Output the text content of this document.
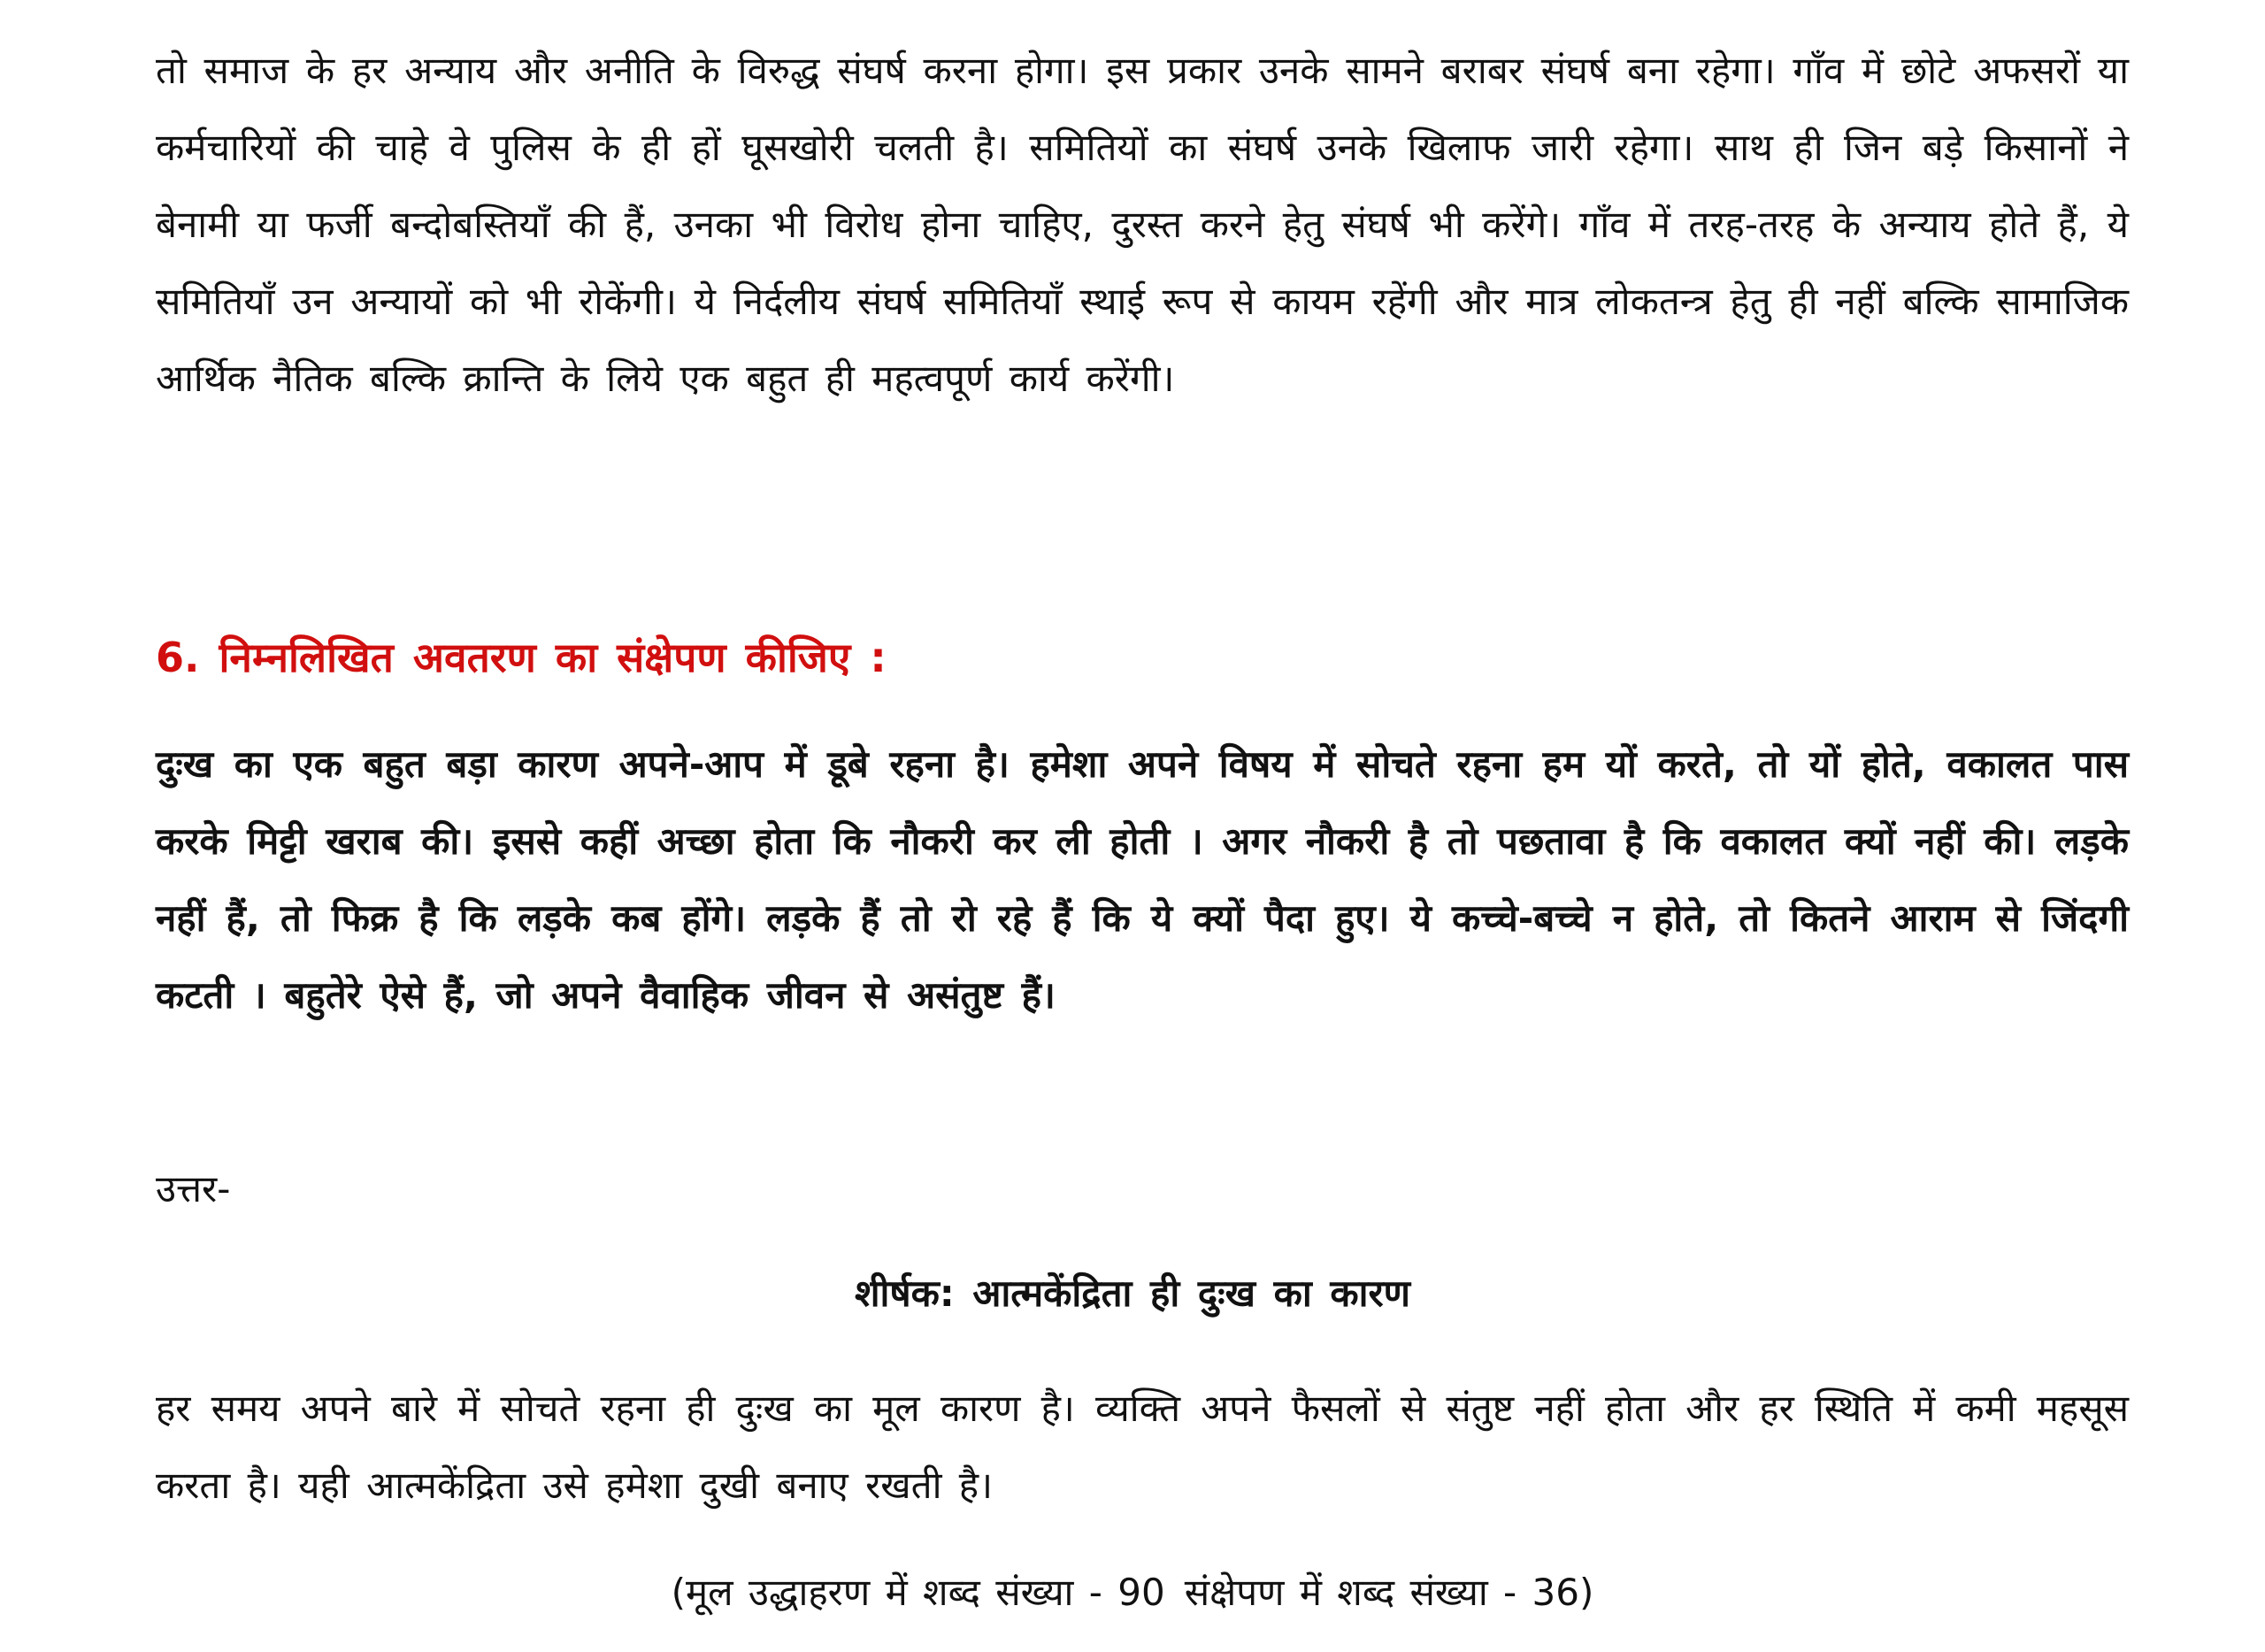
तो समाज के हर अन्याय और अनीति के विरुद्ध संघर्ष करना होगा। इस प्रकार उनके सामने बराबर संघर्ष बना रहेगा। गाँव में छोटे अफसरों या कर्मचारियों की चाहे वे पुलिस के ही हों घूसखोरी चलती है। समितियों का संघर्ष उनके खिलाफ जारी रहेगा। साथ ही जिन बड़े किसानों ने बेनामी या फर्जी बन्दोबस्तियाँ की हैं, उनका भी विरोध होना चाहिए, दुरस्त करने हेतु संघर्ष भी करेंगे। गाँव में तरह-तरह के अन्याय होते हैं, ये समितियाँ उन अन्यायों को भी रोकेंगी। ये निर्दलीय संघर्ष समितियाँ स्थाई रूप से कायम रहेंगी और मात्र लोकतन्त्र हेतु ही नहीं बल्कि सामाजिक आर्थिक नैतिक बल्कि क्रान्ति के लिये एक बहुत ही महत्वपूर्ण कार्य करेंगी।

6. निम्नलिखित अवतरण का संक्षेपण कीजिए :

दुःख का एक बहुत बड़ा कारण अपने-आप में डूबे रहना है। हमेशा अपने विषय में सोचते रहना हम यों करते, तो यों होते, वकालत पास करके मिट्टी खराब की। इससे कहीं अच्छा होता कि नौकरी कर ली होती । अगर नौकरी है तो पछतावा है कि वकालत क्यों नहीं की। लड़के नहीं हैं, तो फिक्र है कि लड़के कब होंगे। लड़के हैं तो रो रहे हैं कि ये क्यों पैदा हुए। ये कच्चे-बच्चे न होते, तो कितने आराम से जिंदगी कटती । बहुतेरे ऐसे हैं, जो अपने वैवाहिक जीवन से असंतुष्ट हैं।

उत्तर-

शीर्षक: आत्मकेंद्रिता ही दुःख का कारण

हर समय अपने बारे में सोचते रहना ही दुःख का मूल कारण है। व्यक्ति अपने फैसलों से संतुष्ट नहीं होता और हर स्थिति में कमी महसूस करता है। यही आत्मकेंद्रिता उसे हमेशा दुखी बनाए रखती है।

(मूल उद्धाहरण में शब्द संख्या - 90 संक्षेपण में शब्द संख्या - 36)
